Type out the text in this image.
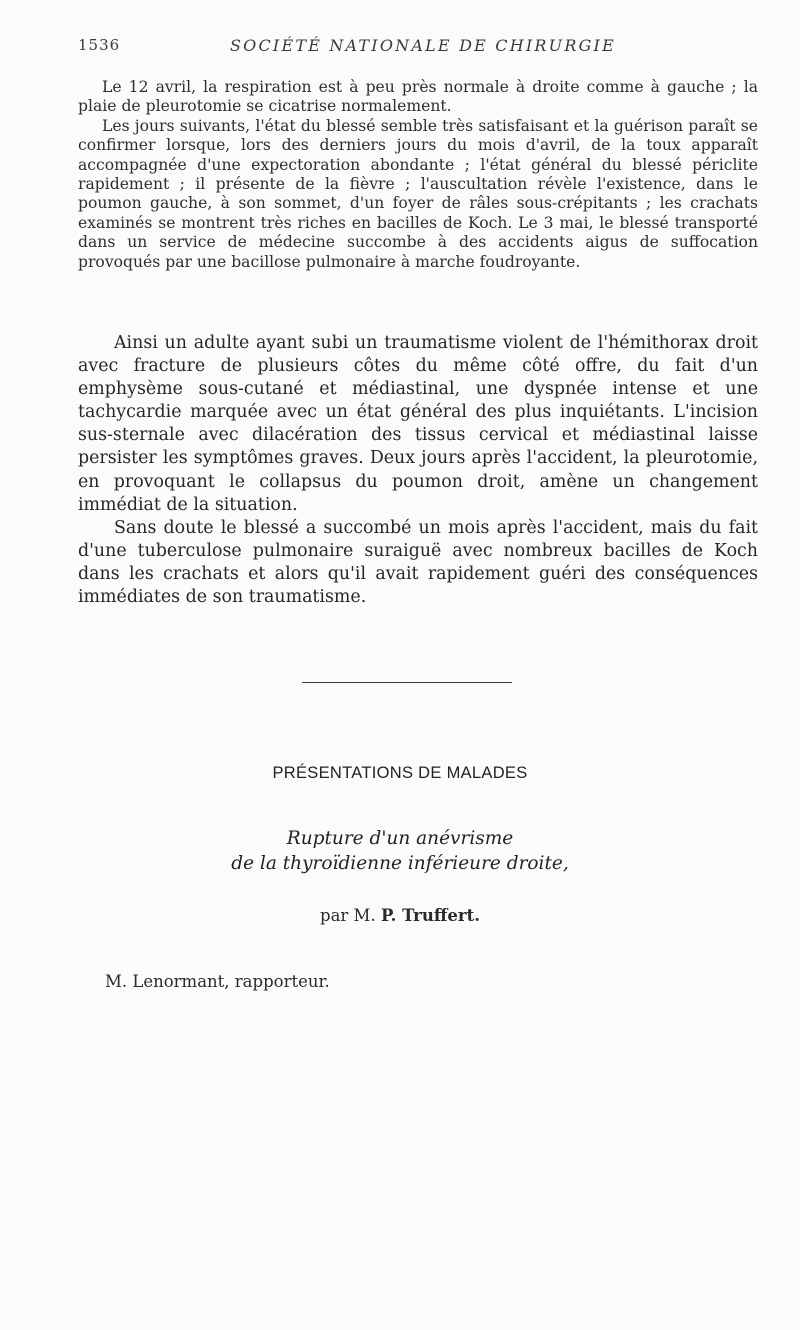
1536	SOCIÉTÉ NATIONALE DE CHIRURGIE

Le 12 avril, la respiration est à peu près normale à droite comme à gauche ; la plaie de pleurotomie se cicatrise normalement.

Les jours suivants, l'état du blessé semble très satisfaisant et la guérison paraît se confirmer lorsque, lors des derniers jours du mois d'avril, de la toux apparaît accompagnée d'une expectoration abondante ; l'état général du blessé périclite rapidement ; il présente de la fièvre ; l'auscultation révèle l'existence, dans le poumon gauche, à son sommet, d'un foyer de râles sous-crépitants ; les crachats examinés se montrent très riches en bacilles de Koch. Le 3 mai, le blessé transporté dans un service de médecine succombe à des accidents aigus de suffocation provoqués par une bacillose pulmonaire à marche foudroyante.

Ainsi un adulte ayant subi un traumatisme violent de l'hémithorax droit avec fracture de plusieurs côtes du même côté offre, du fait d'un emphysème sous-cutané et médiastinal, une dyspnée intense et une tachycardie marquée avec un état général des plus inquiétants. L'incision sus-sternale avec dilacération des tissus cervical et médiastinal laisse persister les symptômes graves. Deux jours après l'accident, la pleurotomie, en provoquant le collapsus du poumon droit, amène un changement immédiat de la situation.

Sans doute le blessé a succombé un mois après l'accident, mais du fait d'une tuberculose pulmonaire suraiguë avec nombreux bacilles de Koch dans les crachats et alors qu'il avait rapidement guéri des conséquences immédiates de son traumatisme.

PRÉSENTATIONS DE MALADES
Rupture d'un anévrisme
de la thyroïdienne inférieure droite,
par M. P. Truffert.
M. Lenormant, rapporteur.
